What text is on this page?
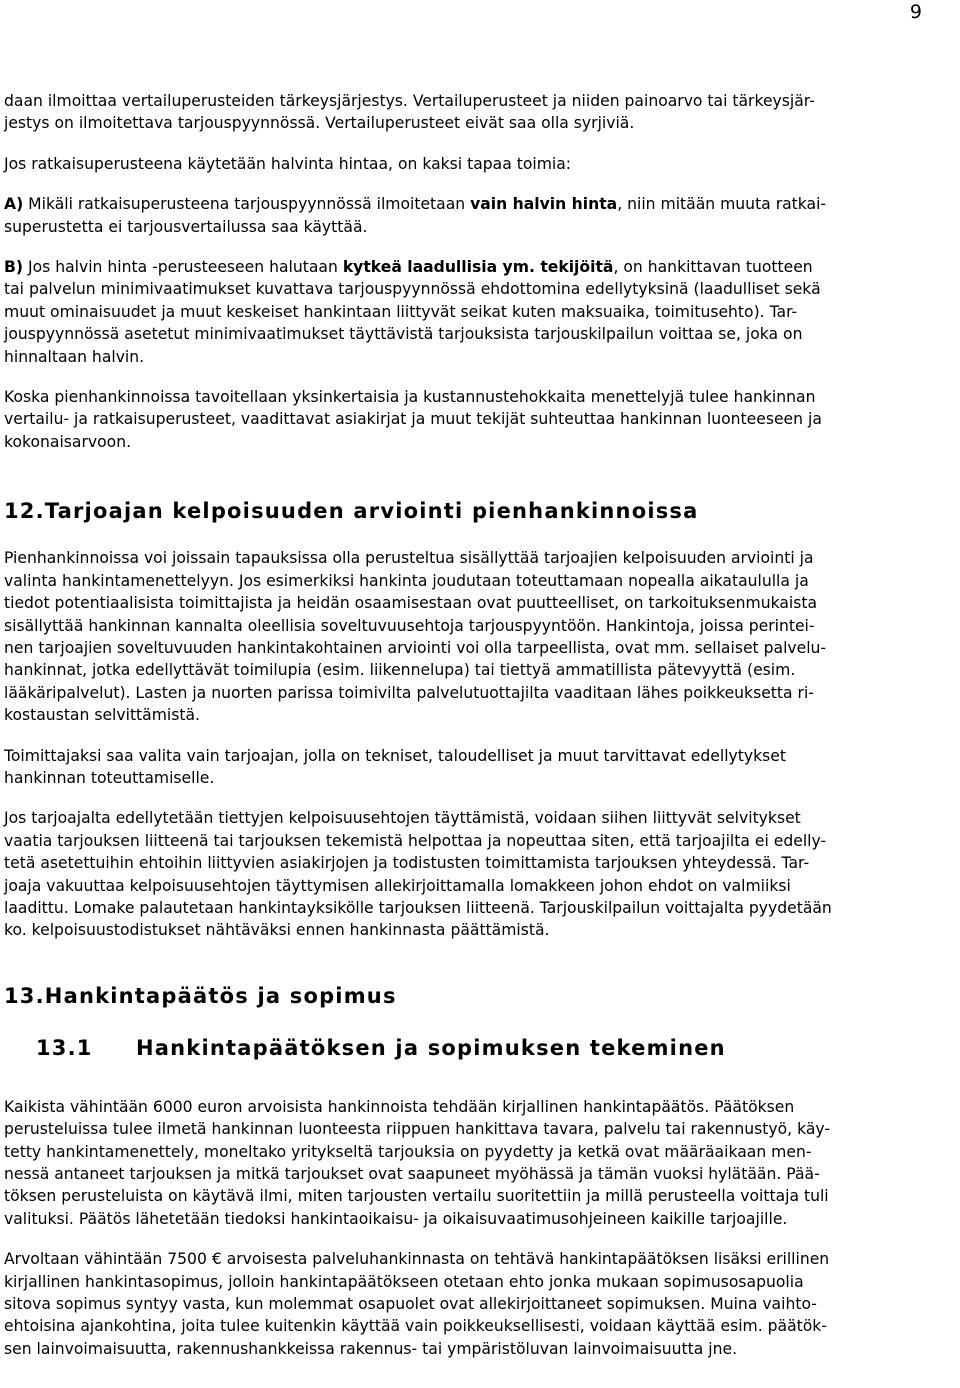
9

daan ilmoittaa vertailuperusteiden tärkeysjärjestys. Vertailuperusteet ja niiden painoarvo tai tärkeysjär-
jestys on ilmoitettava tarjouspyynnössä. Vertailuperusteet eivät saa olla syrjiviä.

Jos ratkaisuperusteena käytetään halvinta hintaa, on kaksi tapaa toimia:

A) Mikäli ratkaisuperusteena tarjouspyynnössä ilmoitetaan vain halvin hinta, niin mitään muuta ratkai-
superustetta ei tarjousvertailussa saa käyttää.

B) Jos halvin hinta -perusteeseen halutaan kytkeä laadullisia ym. tekijöitä, on hankittavan tuotteen
tai palvelun minimivaatimukset kuvattava tarjouspyynnössä ehdottomina edellytyksinä (laadulliset sekä
muut ominaisuudet ja muut keskeiset hankintaan liittyvät seikat kuten maksuaika, toimitusehto). Tar-
jouspyynnössä asetetut minimivaatimukset täyttävistä tarjouksista tarjouskilpailun voittaa se, joka on
hinnaltaan halvin.

Koska pienhankinnoissa tavoitellaan yksinkertaisia ja kustannustehokkaita menettelyjä tulee hankinnan
vertailu- ja ratkaisuperusteet, vaadittavat asiakirjat ja muut tekijät suhteuttaa hankinnan luonteeseen ja
kokonaisarvoon.

12.Tarjoajan kelpoisuuden arviointi pienhankinnoissa

Pienhankinnoissa voi joissain tapauksissa olla perusteltua sisällyttää tarjoajien kelpoisuuden arviointi ja
valinta hankintamenettelyyn. Jos esimerkiksi hankinta joudutaan toteuttamaan nopealla aikataululla ja
tiedot potentiaalisista toimittajista ja heidän osaamisestaan ovat puutteelliset, on tarkoituksenmukaista
sisällyttää hankinnan kannalta oleellisia soveltuvuusehtoja tarjouspyyntöön. Hankintoja, joissa perintei-
nen tarjoajien soveltuvuuden hankintakohtainen arviointi voi olla tarpeellista, ovat mm. sellaiset palvelu-
hankinnat, jotka edellyttävät toimilupia (esim. liikennelupa) tai tiettyä ammatillista pätevyyttä (esim.
lääkäripalvelut). Lasten ja nuorten parissa toimivilta palvelutuottajilta vaaditaan lähes poikkeuksetta ri-
kostaustan selvittämistä.

Toimittajaksi saa valita vain tarjoajan, jolla on tekniset, taloudelliset ja muut tarvittavat edellytykset
hankinnan toteuttamiselle.

Jos tarjoajalta edellytetään tiettyjen kelpoisuusehtojen täyttämistä, voidaan siihen liittyvät selvitykset
vaatia tarjouksen liitteenä tai tarjouksen tekemistä helpottaa ja nopeuttaa siten, että tarjoajilta ei edelly-
tetä asetettuihin ehtoihin liittyvien asiakirjojen ja todistusten toimittamista tarjouksen yhteydessä. Tar-
joaja vakuuttaa kelpoisuusehtojen täyttymisen allekirjoittamalla lomakkeen johon ehdot on valmiiksi
laadittu. Lomake palautetaan hankintayksikölle tarjouksen liitteenä. Tarjouskilpailun voittajalta pyydetään
ko. kelpoisuustodistukset nähtäväksi ennen hankinnasta päättämistä.

13.Hankintapäätös ja sopimus
13.1 Hankintapäätöksen ja sopimuksen tekeminen

Kaikista vähintään 6000 euron arvoisista hankinnoista tehdään kirjallinen hankintapäätös. Päätöksen
perusteluissa tulee ilmetä hankinnan luonteesta riippuen hankittava tavara, palvelu tai rakennustyö, käy-
tetty hankintamenettely, moneltako yritykseltä tarjouksia on pyydetty ja ketkä ovat määräaikaan men-
nessä antaneet tarjouksen ja mitkä tarjoukset ovat saapuneet myöhässä ja tämän vuoksi hylätään. Pää-
töksen perusteluista on käytävä ilmi, miten tarjousten vertailu suoritettiin ja millä perusteella voittaja tuli
valituksi. Päätös lähetetään tiedoksi hankintaoikaisu- ja oikaisuvaatimusohjeineen kaikille tarjoajille.

Arvoltaan vähintään 7500 € arvoisesta palveluhankinnasta on tehtävä hankintapäätöksen lisäksi erillinen
kirjallinen hankintasopimus, jolloin hankintapäätökseen otetaan ehto jonka mukaan sopimusosapuolia
sitova sopimus syntyy vasta, kun molemmat osapuolet ovat allekirjoittaneet sopimuksen. Muina vaihto-
ehtoisina ajankohtina, joita tulee kuitenkin käyttää vain poikkeuksellisesti, voidaan käyttää esim. päätök-
sen lainvoimaisuutta, rakennushankkeissa rakennus- tai ympäristöluvan lainvoimaisuutta jne.
